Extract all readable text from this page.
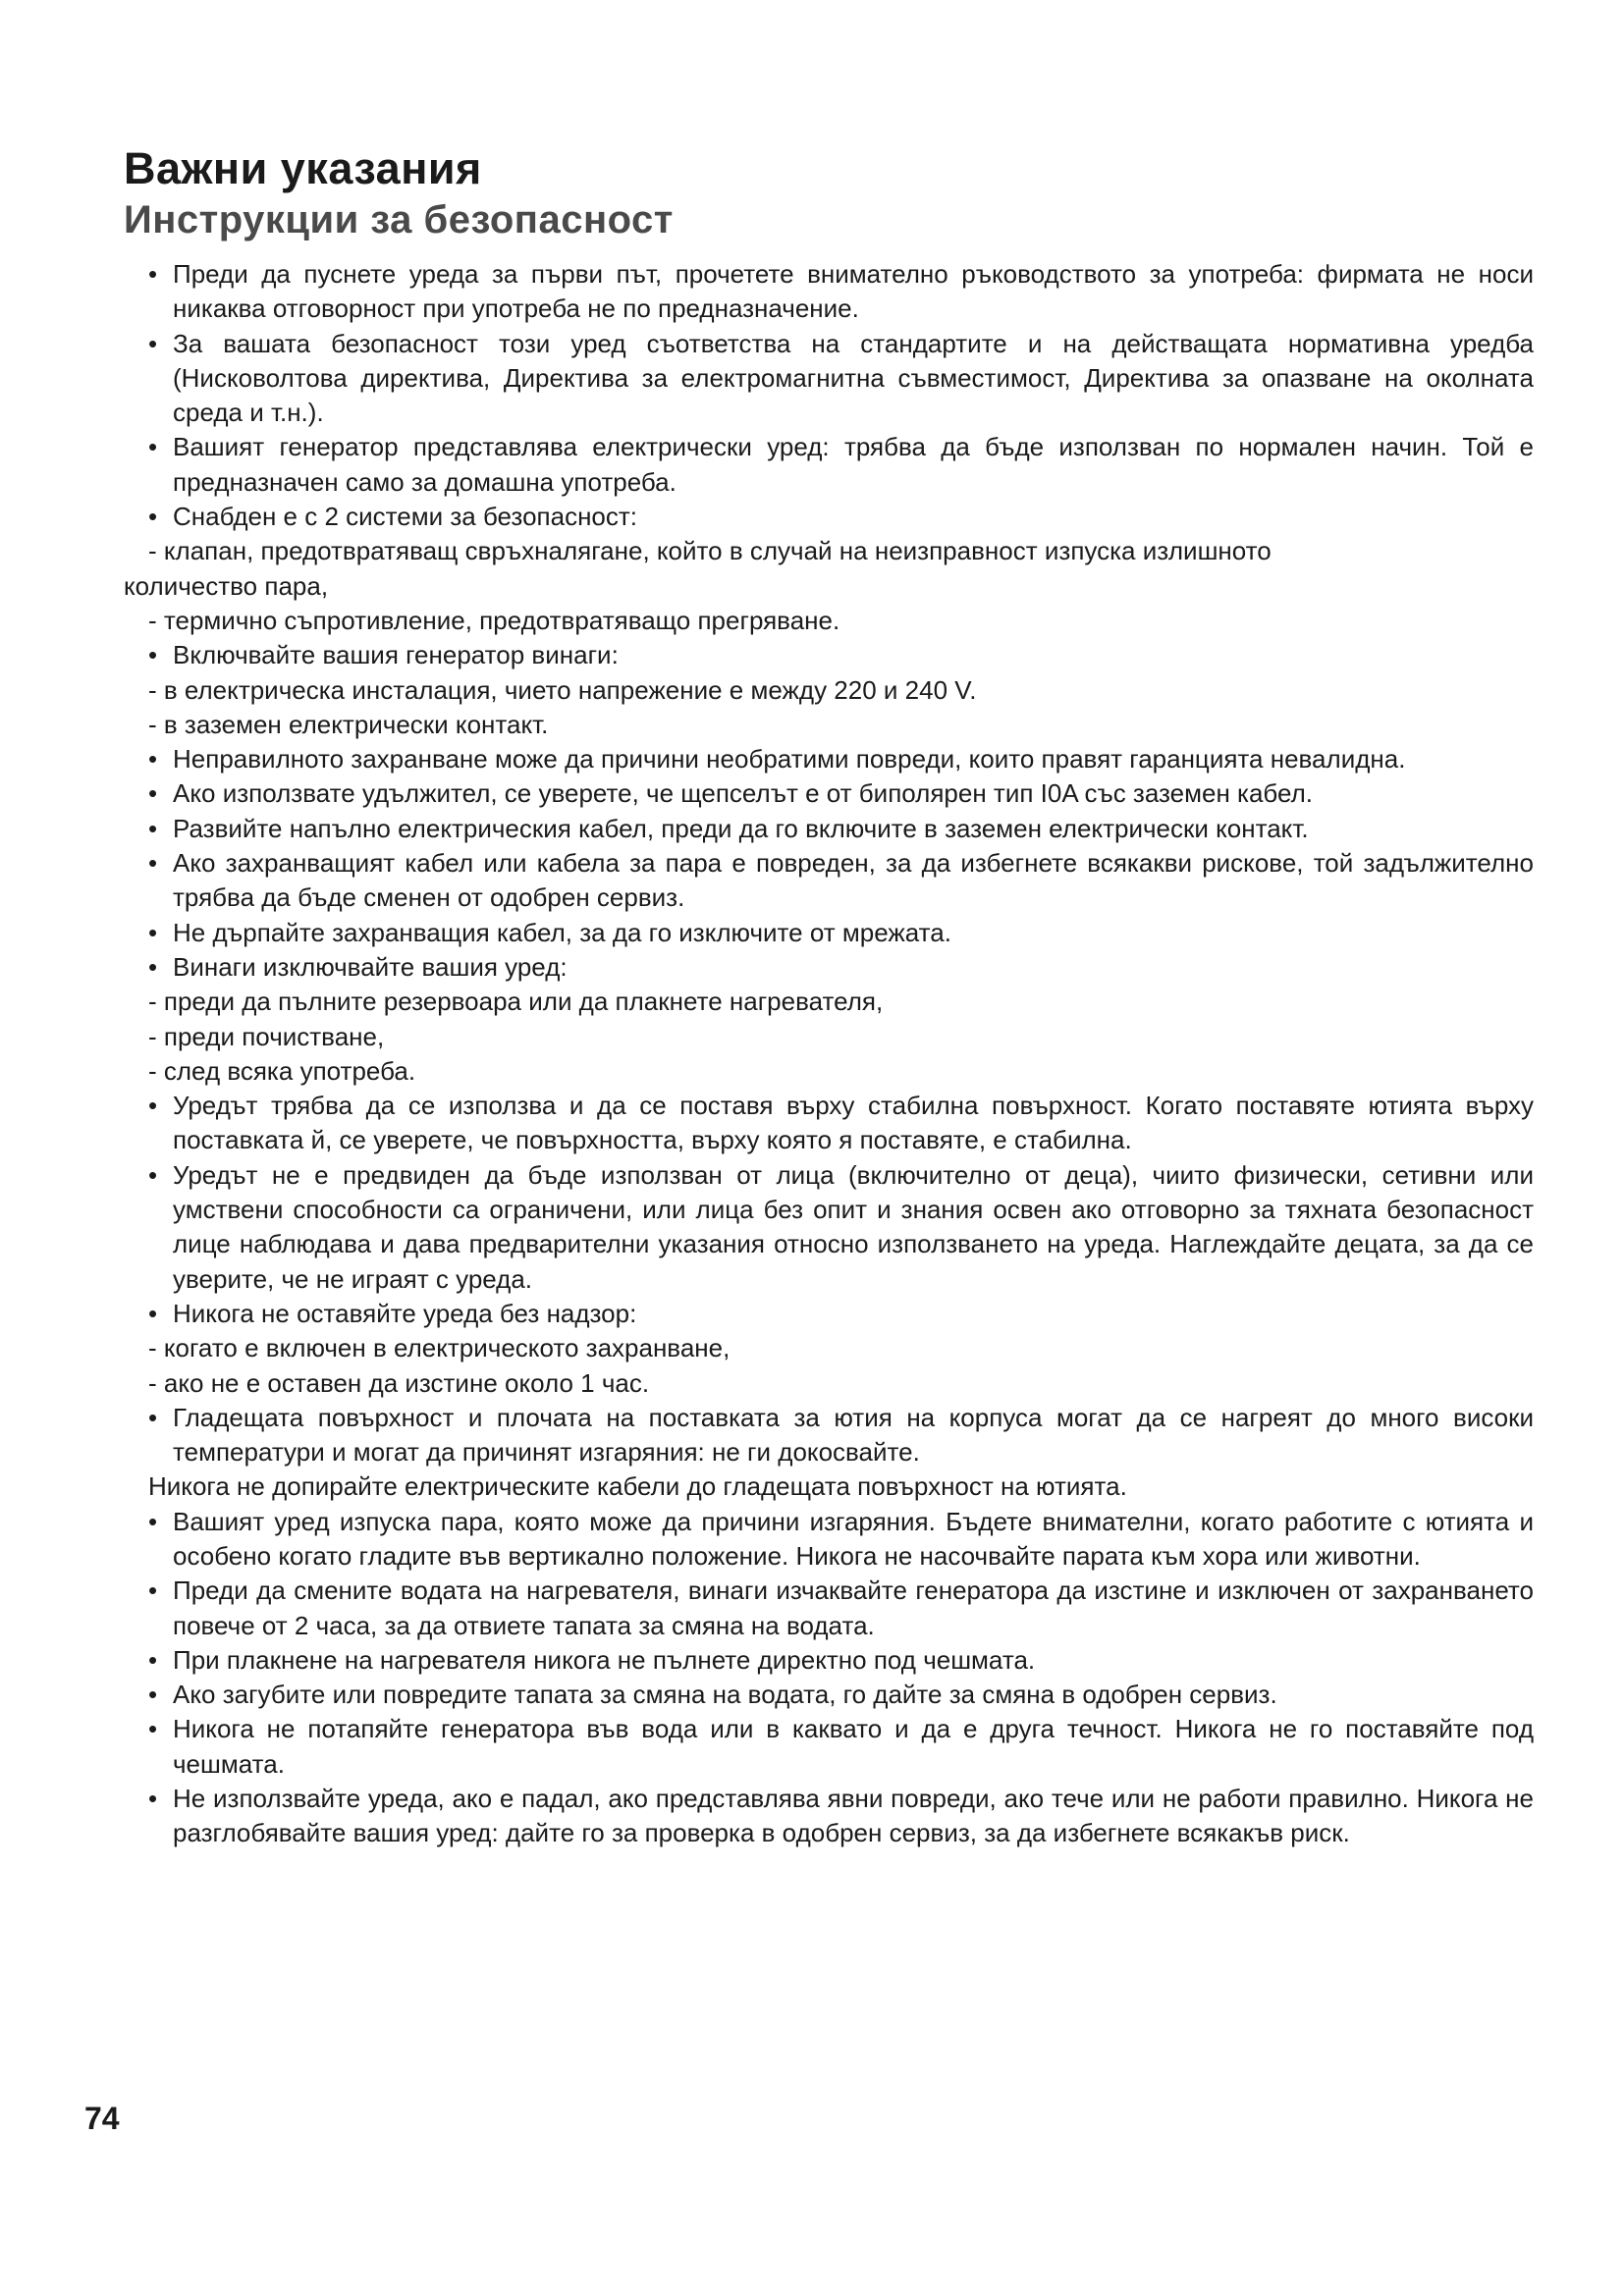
Важни указания
Инструкции за безопасност

• Преди да пуснете уреда за първи път, прочетете внимателно ръководството за употреба: фирмата не носи никаква отговорност при употреба не по предназначение.

• За вашата безопасност този уред съответства на стандартите и на действащата нормативна уредба (Нисковолтова директива, Директива за електромагнитна съвместимост, Директива за опазване на околната среда и т.н.).

• Вашият генератор представлява електрически уред: трябва да бъде използван по нормален начин. Той е предназначен само за домашна употреба.

• Снабден е с 2 системи за безопасност:

- клапан, предотвратяващ свръхналягане, който в случай на неизправност изпуска излишното

количество пара,

- термично съпротивление, предотвратяващо прегряване.

• Включвайте вашия генератор винаги:

- в електрическа инсталация, чието напрежение е между 220 и 240 V.

- в заземен електрически контакт.

• Неправилното захранване може да причини необратими повреди, които правят гаранцията невалидна.

• Ако използвате удължител, се уверете, че щепселът е от биполярен тип I0A със заземен кабел.

• Развийте напълно електрическия кабел, преди да го включите в заземен електрически контакт.

• Ако захранващият кабел или кабела за пара е повреден, за да избегнете всякакви рискове, той задължително трябва да бъде сменен от одобрен сервиз.

• Не дърпайте захранващия кабел, за да го изключите от мрежата.

• Винаги изключвайте вашия уред:

- преди да пълните резервоара или да плакнете нагревателя,

- преди почистване,

- след всяка употреба.

• Уредът трябва да се използва и да се поставя върху стабилна повърхност. Когато поставяте ютията върху поставката й, се уверете, че повърхността, върху която я поставяте, е стабилна.

• Уредът не е предвиден да бъде използван от лица (включително от деца), чиито физически, сетивни или умствени способности са ограничени, или лица без опит и знания освен ако отговорно за тяхната безопасност лице наблюдава и дава предварителни указания относно използването на уреда. Наглеждайте децата, за да се уверите, че не играят с уреда.

• Никога не оставяйте уреда без надзор:

- когато е включен в електрическото захранване,

- ако не е оставен да изстине около 1 час.

• Гладещата повърхност и плочата на поставката за ютия на корпуса могат да се нагреят до много високи температури и могат да причинят изгаряния: не ги докосвайте.

Никога не допирайте електрическите кабели до гладещата повърхност на ютията.

• Вашият уред изпуска пара, която може да причини изгаряния. Бъдете внимателни, когато работите с ютията и особено когато гладите във вертикално положение. Никога не насочвайте парата към хора или животни.

• Преди да смените водата на нагревателя, винаги изчаквайте генератора да изстине и изключен от захранването повече от 2 часа, за да отвиете тапата за смяна на водата.

• При плакнене на нагревателя никога не пълнете директно под чешмата.

• Ако загубите или повредите тапата за смяна на водата, го дайте за смяна в одобрен сервиз.

• Никога не потапяйте генератора във вода или в каквато и да е друга течност. Никога не го поставяйте под чешмата.

• Не използвайте уреда, ако е падал, ако представлява явни повреди, ако тече или не работи правилно. Никога не разглобявайте вашия уред: дайте го за проверка в одобрен сервиз, за да избегнете всякакъв риск.

74
